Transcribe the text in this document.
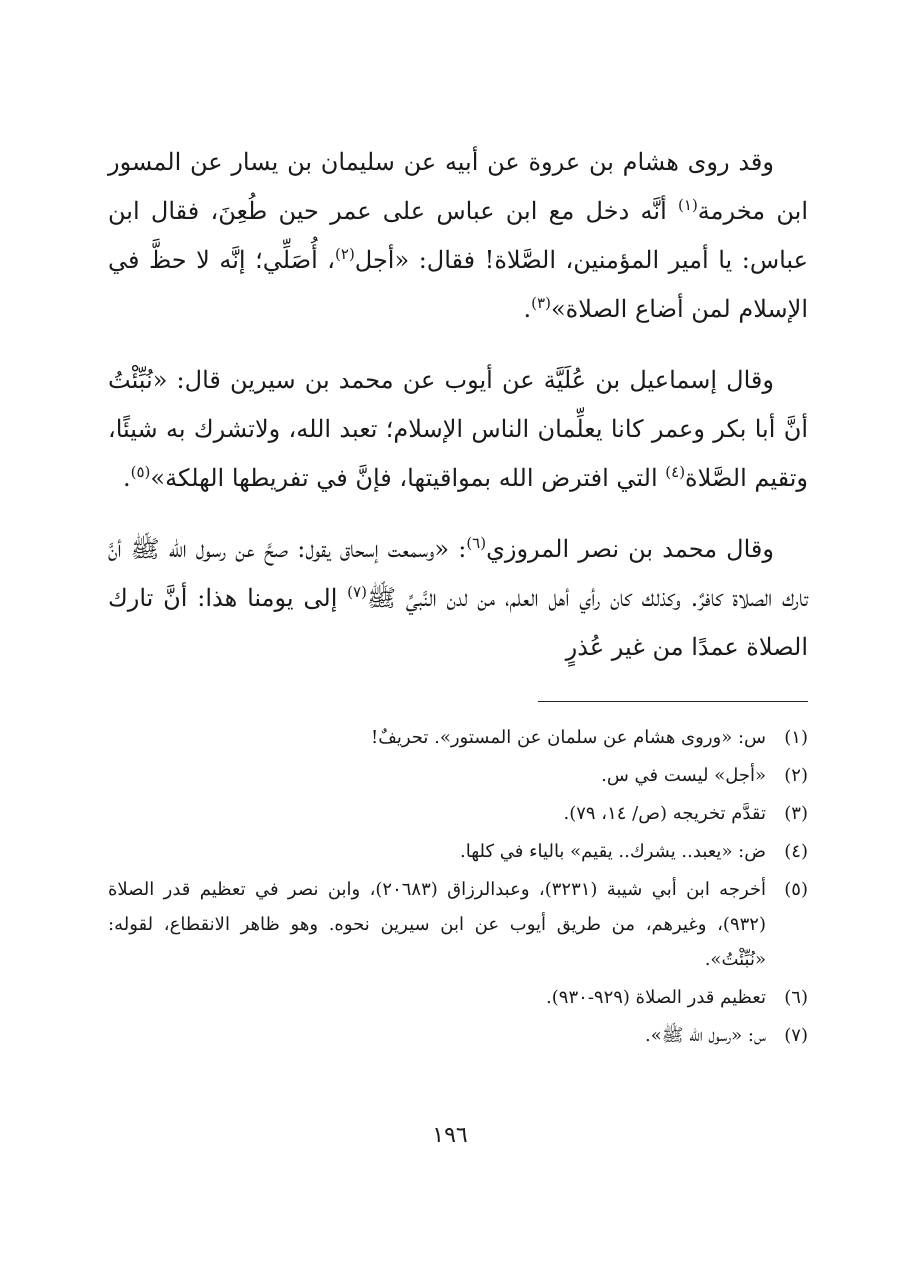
وقد روى هشام بن عروة عن أبيه عن سليمان بن يسار عن المسور ابن مخرمة$^{(١)}$ أنَّه دخل مع ابن عباس على عمر حين طُعِنَ، فقال ابن عباس: يا أمير المؤمنين، الصَّلاة! فقال: «أجل$^{(٢)}$، أُصَلِّي؛ إنَّه لا حظَّ في الإسلام لمن أضاع الصلاة»$^{(٣)}$.

وقال إسماعيل بن عُلَيَّة عن أيوب عن محمد بن سيرين قال: «نُبِّئْتُ أنَّ أبا بكر وعمر كانا يعلِّمان الناس الإسلام؛ تعبد الله، ولاتشرك به شيئًا، وتقيم الصَّلاة$^{(٤)}$ التي افترض الله بمواقيتها، فإنَّ في تفريطها الهلكة»$^{(٥)}$.

وقال محمد بن نصر المروزي$^{(٦)}$: «وسمعت إسحاق يقول: صحَّ عن رسول الله ﷺ أنَّ تارك الصلاة كافرٌ. وكذلك كان رأي أهل العلم، من لدن النَّبيِّ ﷺ$^{(٧)}$ إلى يومنا هذا: أنَّ تارك الصلاة عمدًا من غير عُذرٍ

(١)
س: «وروى هشام عن سلمان عن المستور». تحريفٌ!
(٢)
«أجل» ليست في س.
(٣)
تقدَّم تخريجه (ص/ ١٤، ٧٩).
(٤)
ض: «يعبد.. يشرك.. يقيم» بالياء في كلها.
(٥)
أخرجه ابن أبي شيبة (٣٢٣١)، وعبدالرزاق (٢٠٦٨٣)، وابن نصر في تعظيم قدر الصلاة (٩٣٢)، وغيرهم، من طريق أيوب عن ابن سيرين نحوه. وهو ظاهر الانقطاع، لقوله: «نُبِّئْتُ».
(٦)
تعظيم قدر الصلاة (٩٢٩-٩٣٠).
(٧)
س: «رسول الله ﷺ».
١٩٦
